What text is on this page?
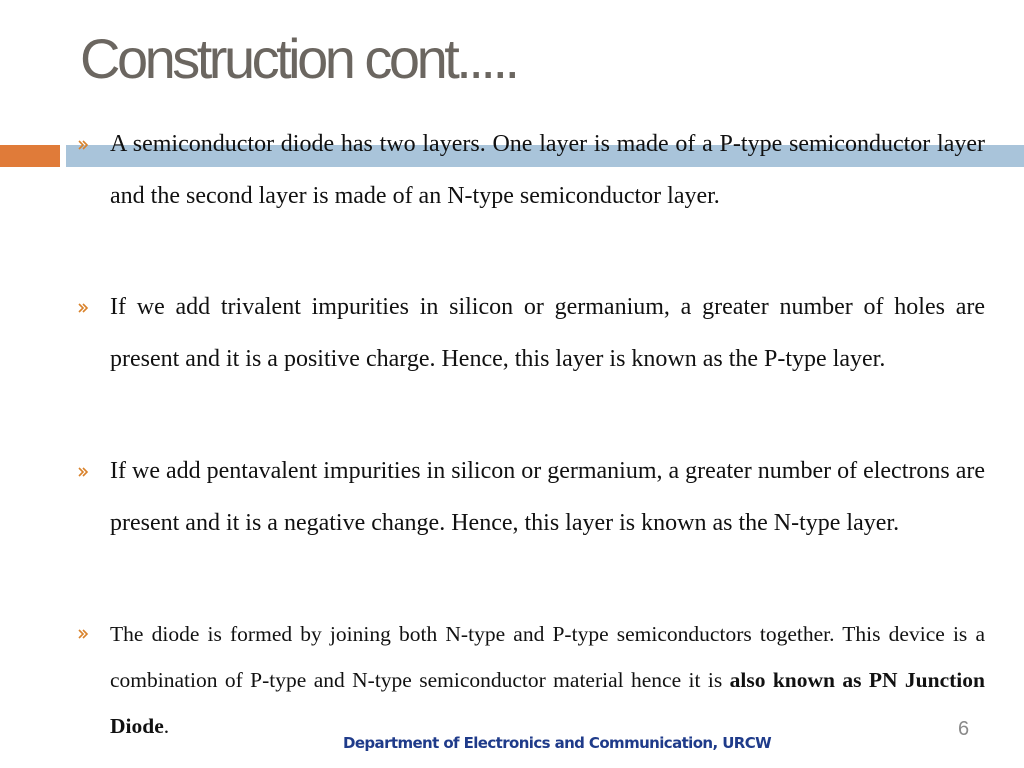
Construction cont.....
A semiconductor diode has two layers. One layer is made of a P-type semiconductor layer and the second layer is made of an N-type semiconductor layer.
If we add trivalent impurities in silicon or germanium, a greater number of holes are present and it is a positive charge. Hence, this layer is known as the P-type layer.
If we add pentavalent impurities in silicon or germanium, a greater number of electrons are present and it is a negative change. Hence, this layer is known as the N-type layer.
The diode is formed by joining both N-type and P-type semiconductors together. This device is a combination of P-type and N-type semiconductor material hence it is also known as PN Junction Diode.	6
Department of Electronics and Communication, URCW
